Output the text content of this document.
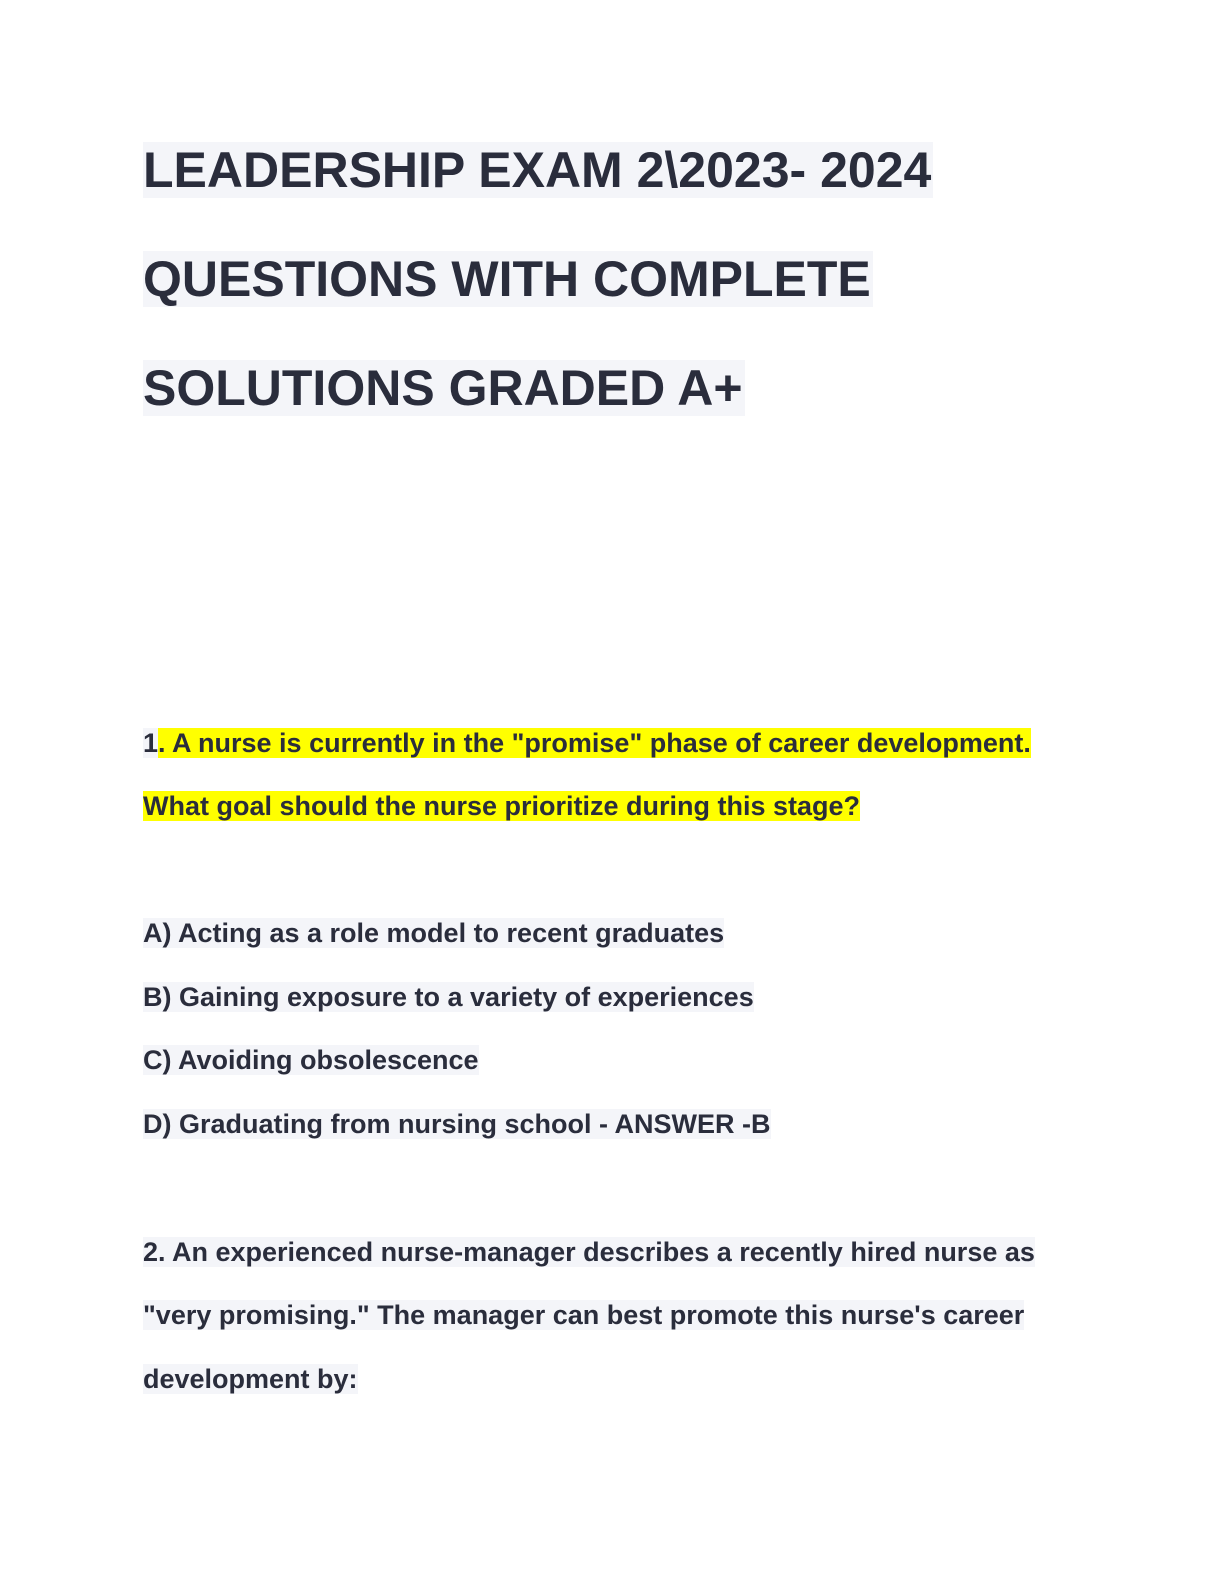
LEADERSHIP EXAM 2\2023- 2024
QUESTIONS WITH COMPLETE
SOLUTIONS GRADED A+
1. A nurse is currently in the "promise" phase of career development.
What goal should the nurse prioritize during this stage?
A) Acting as a role model to recent graduates
B) Gaining exposure to a variety of experiences
C) Avoiding obsolescence
D) Graduating from nursing school - ANSWER -B
2. An experienced nurse-manager describes a recently hired nurse as
"very promising." The manager can best promote this nurse's career
development by:
